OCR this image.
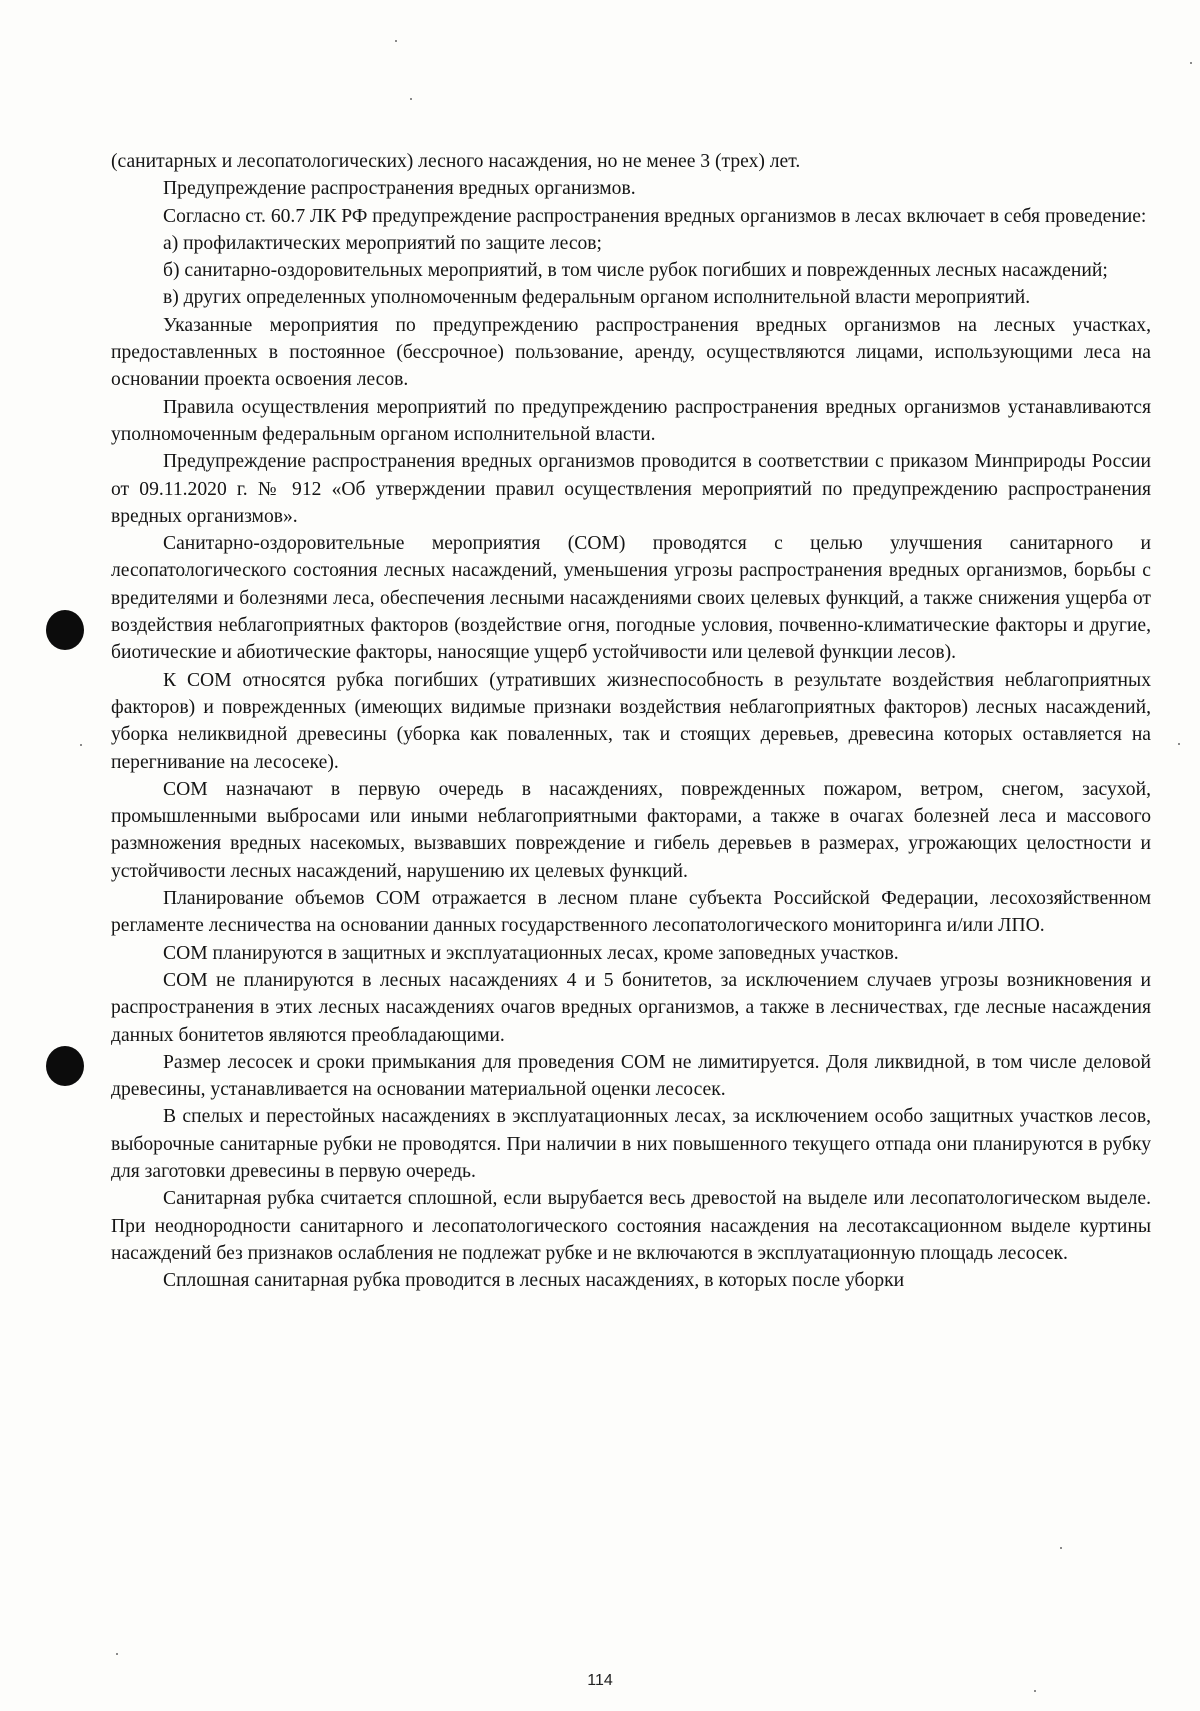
(санитарных и лесопатологических) лесного насаждения, но не менее 3 (трех) лет.

Предупреждение распространения вредных организмов.

Согласно ст. 60.7 ЛК РФ предупреждение распространения вредных организмов в лесах включает в себя проведение:

а) профилактических мероприятий по защите лесов;

б) санитарно-оздоровительных мероприятий, в том числе рубок погибших и поврежденных лесных насаждений;

в) других определенных уполномоченным федеральным органом исполнительной власти мероприятий.

Указанные мероприятия по предупреждению распространения вредных организмов на лесных участках, предоставленных в постоянное (бессрочное) пользование, аренду, осуществляются лицами, использующими леса на основании проекта освоения лесов.

Правила осуществления мероприятий по предупреждению распространения вредных организмов устанавливаются уполномоченным федеральным органом исполнительной власти.

Предупреждение распространения вредных организмов проводится в соответствии с приказом Минприроды России от 09.11.2020 г. № 912 «Об утверждении правил осуществления мероприятий по предупреждению распространения вредных организмов».

Санитарно-оздоровительные мероприятия (СОМ) проводятся с целью улучшения санитарного и лесопатологического состояния лесных насаждений, уменьшения угрозы распространения вредных организмов, борьбы с вредителями и болезнями леса, обеспечения лесными насаждениями своих целевых функций, а также снижения ущерба от воздействия неблагоприятных факторов (воздействие огня, погодные условия, почвенно-климатические факторы и другие, биотические и абиотические факторы, наносящие ущерб устойчивости или целевой функции лесов).

К СОМ относятся рубка погибших (утративших жизнеспособность в результате воздействия неблагоприятных факторов) и поврежденных (имеющих видимые признаки воздействия неблагоприятных факторов) лесных насаждений, уборка неликвидной древесины (уборка как поваленных, так и стоящих деревьев, древесина которых оставляется на перегнивание на лесосеке).

СОМ назначают в первую очередь в насаждениях, поврежденных пожаром, ветром, снегом, засухой, промышленными выбросами или иными неблагоприятными факторами, а также в очагах болезней леса и массового размножения вредных насекомых, вызвавших повреждение и гибель деревьев в размерах, угрожающих целостности и устойчивости лесных насаждений, нарушению их целевых функций.

Планирование объемов СОМ отражается в лесном плане субъекта Российской Федерации, лесохозяйственном регламенте лесничества на основании данных государственного лесопатологического мониторинга и/или ЛПО.

СОМ планируются в защитных и эксплуатационных лесах, кроме заповедных участков.

СОМ не планируются в лесных насаждениях 4 и 5 бонитетов, за исключением случаев угрозы возникновения и распространения в этих лесных насаждениях очагов вредных организмов, а также в лесничествах, где лесные насаждения данных бонитетов являются преобладающими.

Размер лесосек и сроки примыкания для проведения СОМ не лимитируется. Доля ликвидной, в том числе деловой древесины, устанавливается на основании материальной оценки лесосек.

В спелых и перестойных насаждениях в эксплуатационных лесах, за исключением особо защитных участков лесов, выборочные санитарные рубки не проводятся. При наличии в них повышенного текущего отпада они планируются в рубку для заготовки древесины в первую очередь.

Санитарная рубка считается сплошной, если вырубается весь древостой на выделе или лесопатологическом выделе. При неоднородности санитарного и лесопатологического состояния насаждения на лесотаксационном выделе куртины насаждений без признаков ослабления не подлежат рубке и не включаются в эксплуатационную площадь лесосек.

Сплошная санитарная рубка проводится в лесных насаждениях, в которых после уборки

114
